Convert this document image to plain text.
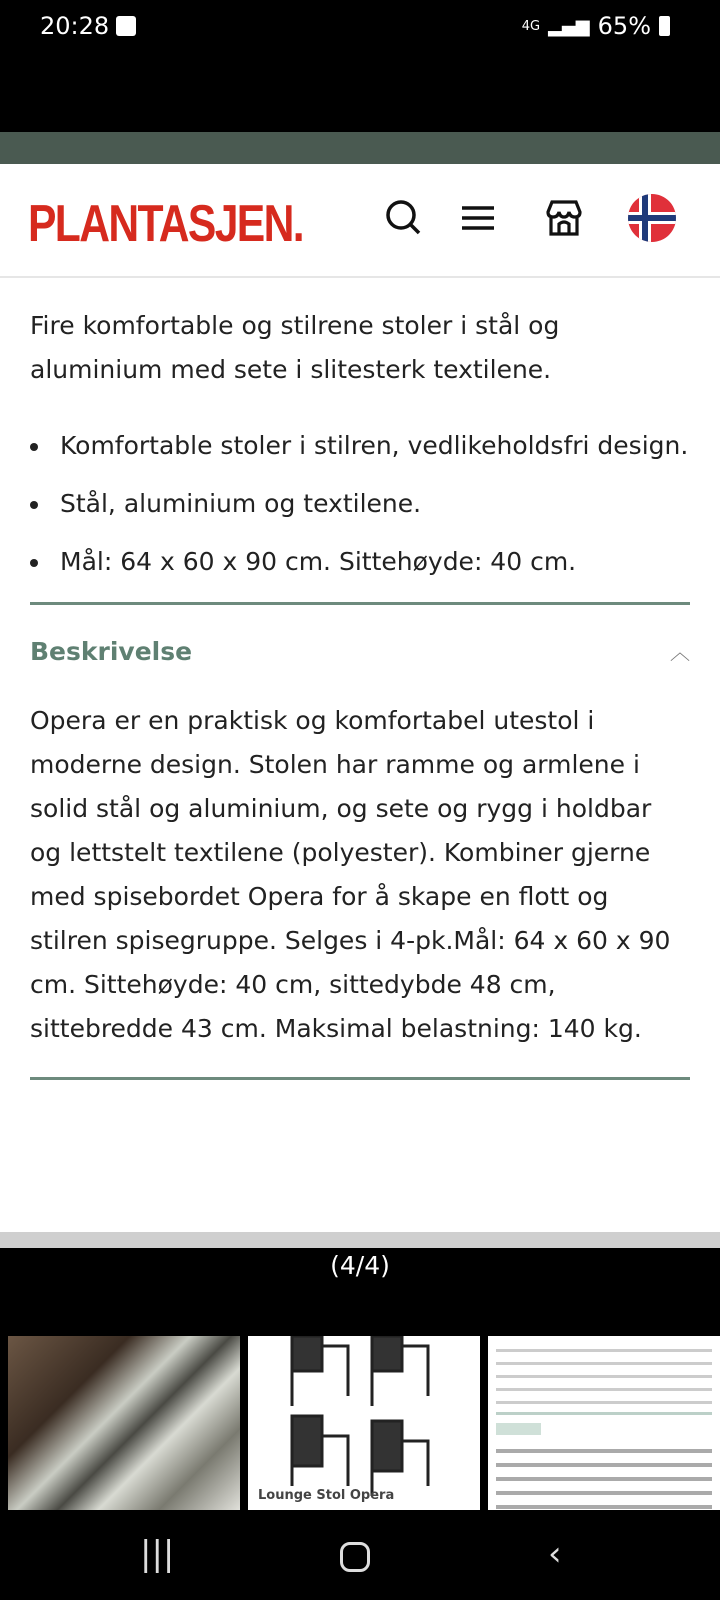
20:28	4G ▂▄▆ 65%
PLANTASJEN.

Fire komfortable og stilrene stoler i stål og aluminium med sete i slitesterk textilene.

Komfortable stoler i stilren, vedlikeholdsfri design.
Stål, aluminium og textilene.
Mål: 64 x 60 x 90 cm. Sittehøyde: 40 cm.
Beskrivelse	︿

Opera er en praktisk og komfortabel utestol i moderne design. Stolen har ramme og armlene i solid stål og aluminium, og sete og rygg i holdbar og lettstelt textilene (polyester). Kombiner gjerne med spisebordet Opera for å skape en flott og stilren spisegruppe. Selges i 4-pk.Mål: 64 x 60 x 90 cm. Sittehøyde: 40 cm, sittedybde 48 cm, sittebredde 43 cm. Maksimal belastning: 140 kg.

(4/4)
Lounge Stol Opera
|||	‹
